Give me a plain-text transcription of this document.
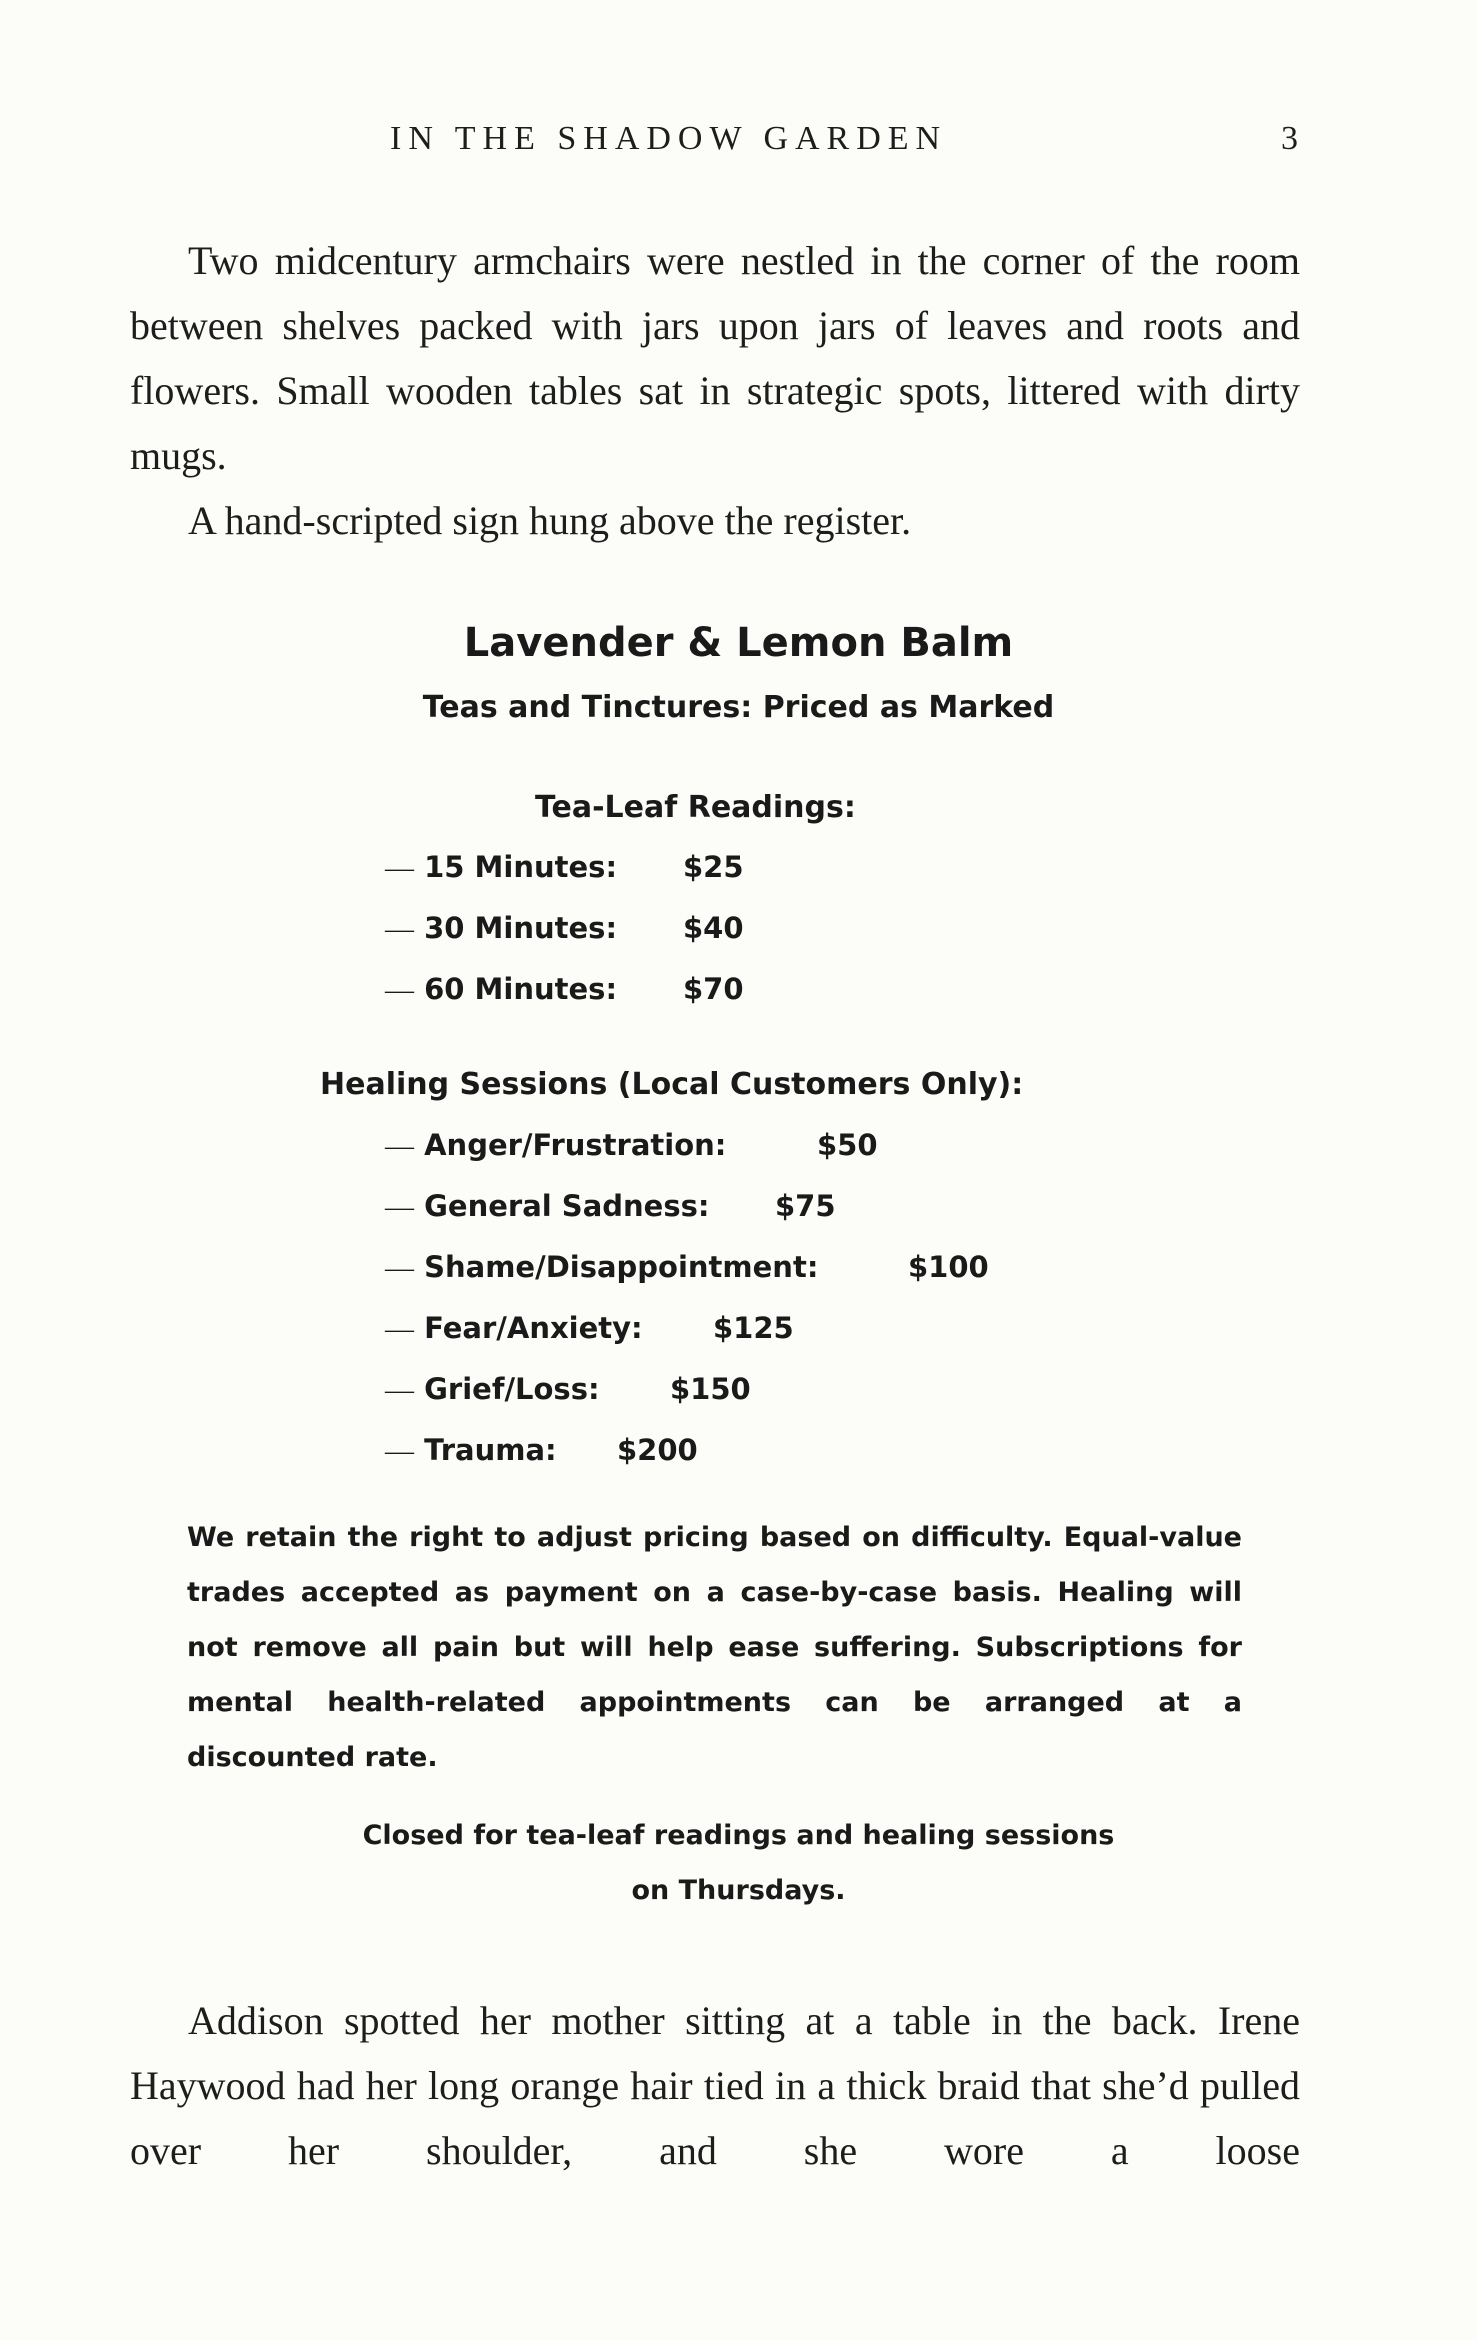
IN THE SHADOW GARDEN	3

Two midcentury armchairs were nestled in the corner of the room between shelves packed with jars upon jars of leaves and roots and flowers. Small wooden tables sat in strategic spots, littered with dirty mugs.

A hand-scripted sign hung above the register.

Lavender & Lemon Balm
Teas and Tinctures: Priced as Marked
Tea-Leaf Readings:
— 15 Minutes: $25
— 30 Minutes: $40
— 60 Minutes: $70
Healing Sessions (Local Customers Only):
— Anger/Frustration:	$50
— General Sadness: $75
— Shame/Disappointment:	$100
— Fear/Anxiety: $125
— Grief/Loss: $150
— Trauma: $200
We retain the right to adjust pricing based on difficulty. Equal-value trades accepted as payment on a case-by-case basis. Healing will not remove all pain but will help ease suffering. Subscriptions for mental health-related appointments can be arranged at a discounted rate.
Closed for tea-leaf readings and healing sessions
on Thursdays.

Addison spotted her mother sitting at a table in the back. Irene Haywood had her long orange hair tied in a thick braid that she’d pulled over her shoulder, and she wore a loose
